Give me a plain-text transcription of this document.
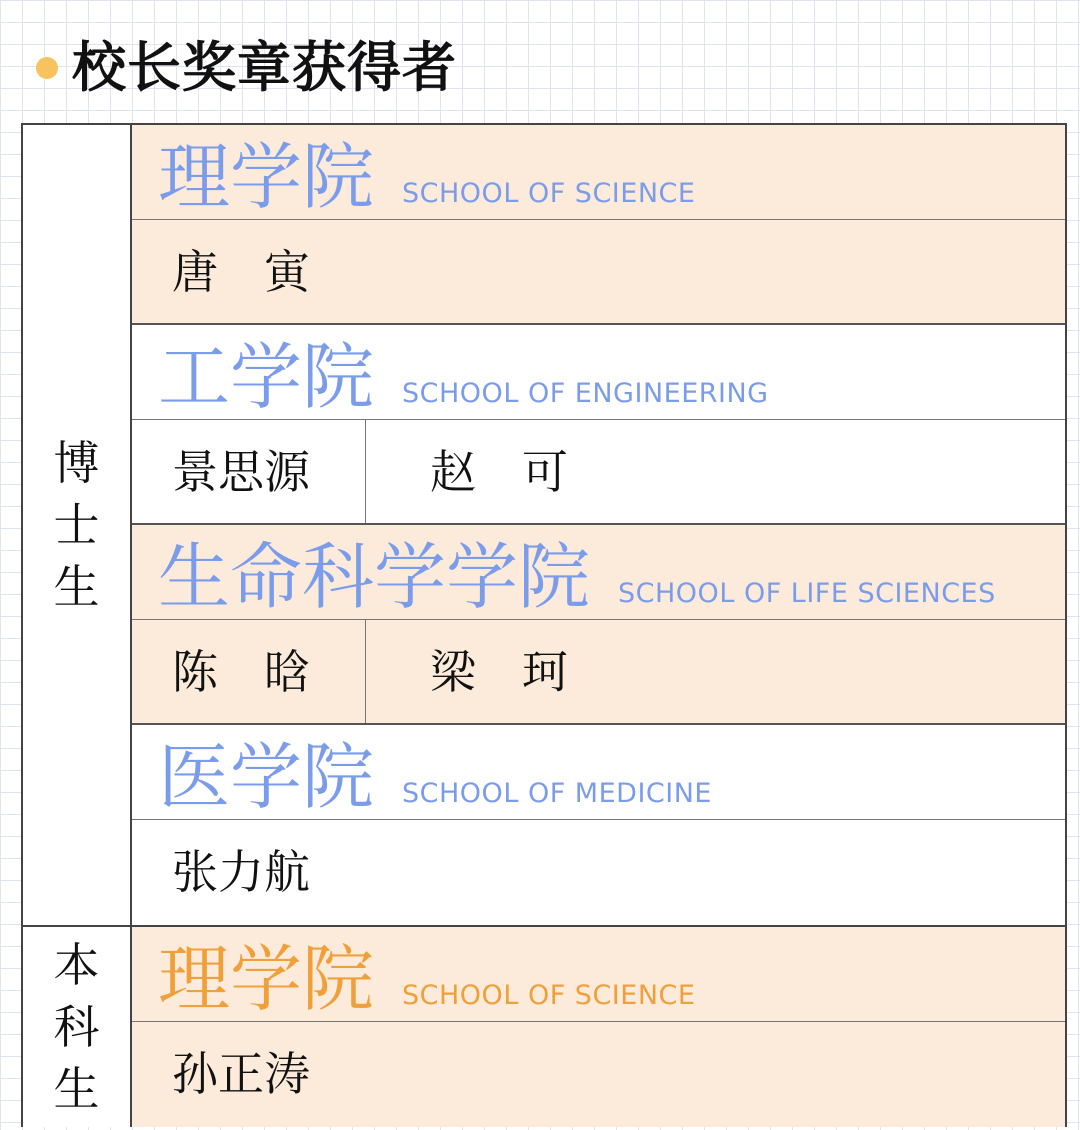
校长奖章获得者
博
士
生
理学院 SCHOOL OF SCIENCE
唐　寅
工学院 SCHOOL OF ENGINEERING
景思源	赵　可
生命科学学院 SCHOOL OF LIFE SCIENCES
陈　晗	梁　珂
医学院 SCHOOL OF MEDICINE
张力航
本
科
生
理学院 SCHOOL OF SCIENCE
孙正涛
